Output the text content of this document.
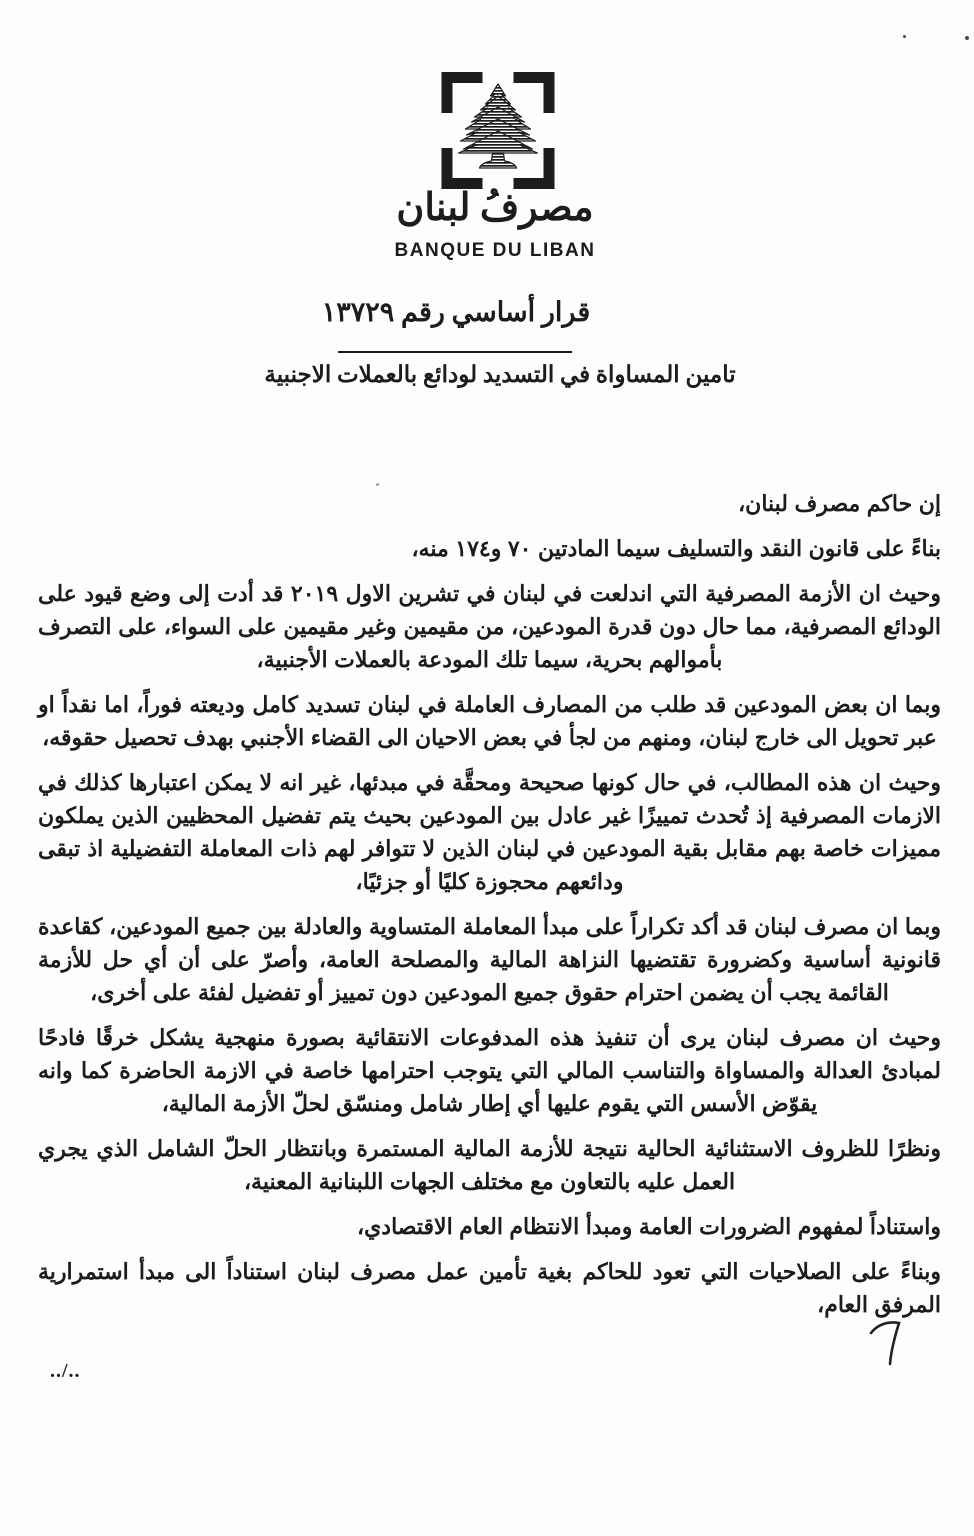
مصرفُ لبنان
BANQUE DU LIBAN
قرار أساسي رقم ١٣٧٢٩
تامين المساواة في التسديد لودائع بالعملات الاجنبية

إن حاكم مصرف لبنان،

بناءً على قانون النقد والتسليف سيما المادتين ٧٠ و١٧٤ منه،

وحيث ان الأزمة المصرفية التي اندلعت في لبنان في تشرين الاول ٢٠١٩ قد أدت إلى وضع قيود على الودائع المصرفية، مما حال دون قدرة المودعين، من مقيمين وغير مقيمين على السواء، على التصرف بأموالهم بحرية، سيما تلك المودعة بالعملات الأجنبية،

وبما ان بعض المودعين قد طلب من المصارف العاملة في لبنان تسديد كامل وديعته فوراً، اما نقداً او عبر تحويل الى خارج لبنان، ومنهم من لجأ في بعض الاحيان الى القضاء الأجنبي بهدف تحصيل حقوقه،

وحيث ان هذه المطالب، في حال كونها صحيحة ومحقَّة في مبدئها، غير انه لا يمكن اعتبارها كذلك في الازمات المصرفية إذ تُحدث تمييزًا غير عادل بين المودعين بحيث يتم تفضيل المحظيين الذين يملكون مميزات خاصة بهم مقابل بقية المودعين في لبنان الذين لا تتوافر لهم ذات المعاملة التفضيلية اذ تبقى ودائعهم محجوزة كليًا أو جزئيًا،

وبما ان مصرف لبنان قد أكد تكراراً على مبدأ المعاملة المتساوية والعادلة بين جميع المودعين، كقاعدة قانونية أساسية وكضرورة تقتضيها النزاهة المالية والمصلحة العامة، وأصرّ على أن أي حل للأزمة القائمة يجب أن يضمن احترام حقوق جميع المودعين دون تمييز أو تفضيل لفئة على أخرى،

وحيث ان مصرف لبنان يرى أن تنفيذ هذه المدفوعات الانتقائية بصورة منهجية يشكل خرقًا فادحًا لمبادئ العدالة والمساواة والتناسب المالي التي يتوجب احترامها خاصة في الازمة الحاضرة كما وانه يقوّض الأسس التي يقوم عليها أي إطار شامل ومنسّق لحلّ الأزمة المالية،

ونظرًا للظروف الاستثنائية الحالية نتيجة للأزمة المالية المستمرة وبانتظار الحلّ الشامل الذي يجري العمل عليه بالتعاون مع مختلف الجهات اللبنانية المعنية،

واستناداً لمفهوم الضرورات العامة ومبدأ الانتظام العام الاقتصادي،

وبناءً على الصلاحيات التي تعود للحاكم بغية تأمين عمل مصرف لبنان استناداً الى مبدأ استمرارية المرفق العام،

../..
